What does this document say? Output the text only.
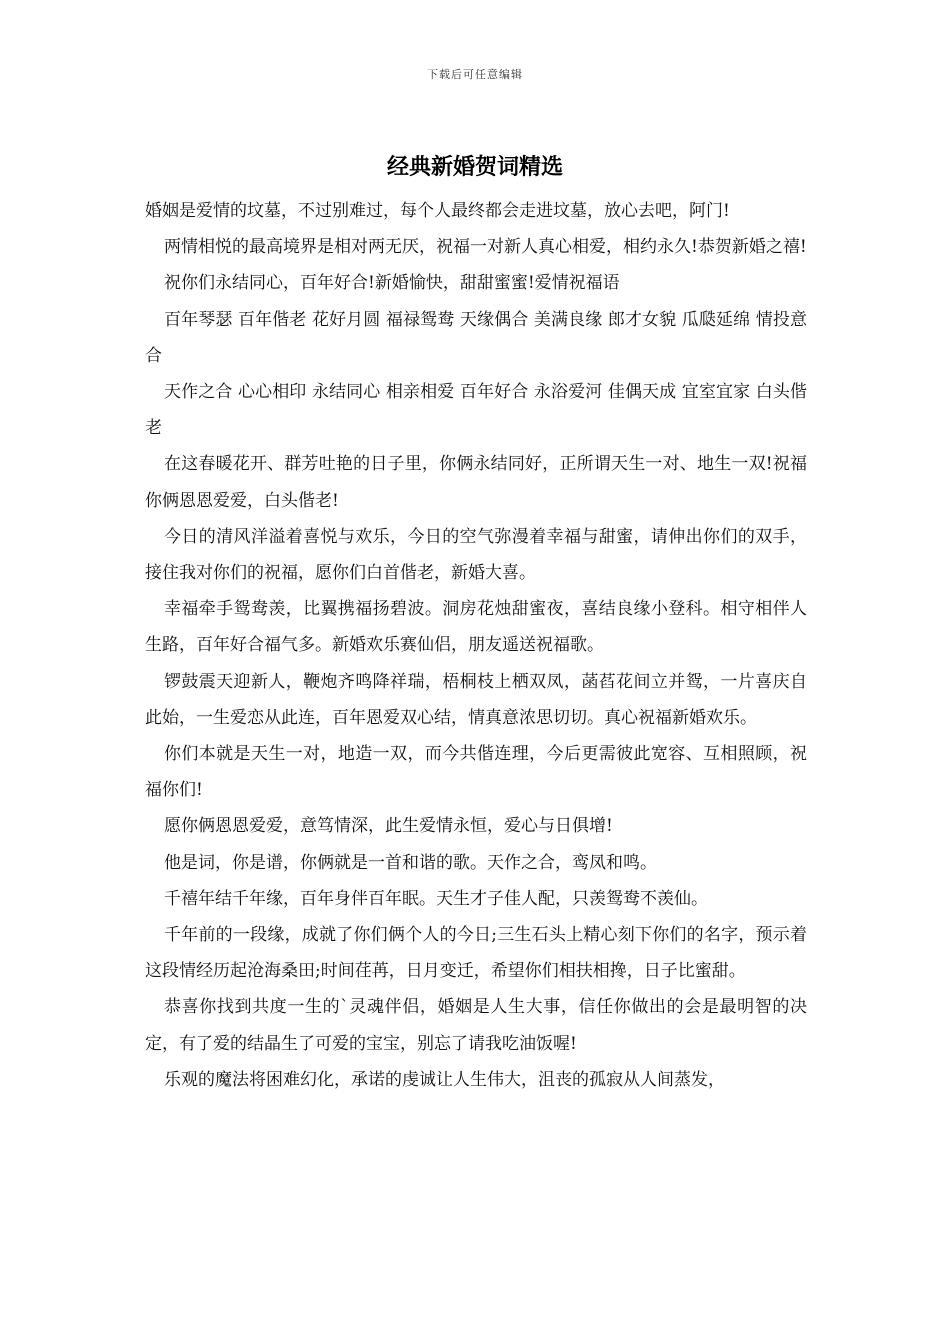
下载后可任意编辑
经典新婚贺词精选

婚姻是爱情的坟墓，不过别难过，每个人最终都会走进坟墓，放心去吧，阿门!

两情相悦的最高境界是相对两无厌，祝福一对新人真心相爱，相约永久!恭贺新婚之禧!

祝你们永结同心，百年好合!新婚愉快，甜甜蜜蜜!爱情祝福语

百年琴瑟 百年偕老 花好月圆 福禄鸳鸯 天缘偶合 美满良缘 郎才女貌 瓜瓞延绵 情投意合

天作之合 心心相印 永结同心 相亲相爱 百年好合 永浴爱河 佳偶天成 宜室宜家 白头偕老

在这春暖花开、群芳吐艳的日子里，你俩永结同好，正所谓天生一对、地生一双!祝福你俩恩恩爱爱，白头偕老!

今日的清风洋溢着喜悦与欢乐，今日的空气弥漫着幸福与甜蜜，请伸出你们的双手，接住我对你们的祝福，愿你们白首偕老，新婚大喜。

幸福牵手鸳鸯羡，比翼携福扬碧波。洞房花烛甜蜜夜，喜结良缘小登科。相守相伴人生路，百年好合福气多。新婚欢乐赛仙侣，朋友遥送祝福歌。

锣鼓震天迎新人，鞭炮齐鸣降祥瑞，梧桐枝上栖双凤，菡萏花间立并鸳，一片喜庆自此始，一生爱恋从此连，百年恩爱双心结，情真意浓思切切。真心祝福新婚欢乐。

你们本就是天生一对，地造一双，而今共偕连理，今后更需彼此宽容、互相照顾，祝福你们!

愿你俩恩恩爱爱，意笃情深，此生爱情永恒，爱心与日俱增!

他是词，你是谱，你俩就是一首和谐的歌。天作之合，鸾凤和鸣。

千禧年结千年缘，百年身伴百年眠。天生才子佳人配，只羡鸳鸯不羡仙。

千年前的一段缘，成就了你们俩个人的今日;三生石头上精心刻下你们的名字，预示着这段情经历起沧海桑田;时间荏苒，日月变迁，希望你们相扶相搀，日子比蜜甜。

恭喜你找到共度一生的`灵魂伴侣，婚姻是人生大事，信任你做出的会是最明智的决定，有了爱的结晶生了可爱的宝宝，别忘了请我吃油饭喔!

乐观的魔法将困难幻化，承诺的虔诚让人生伟大，沮丧的孤寂从人间蒸发，
